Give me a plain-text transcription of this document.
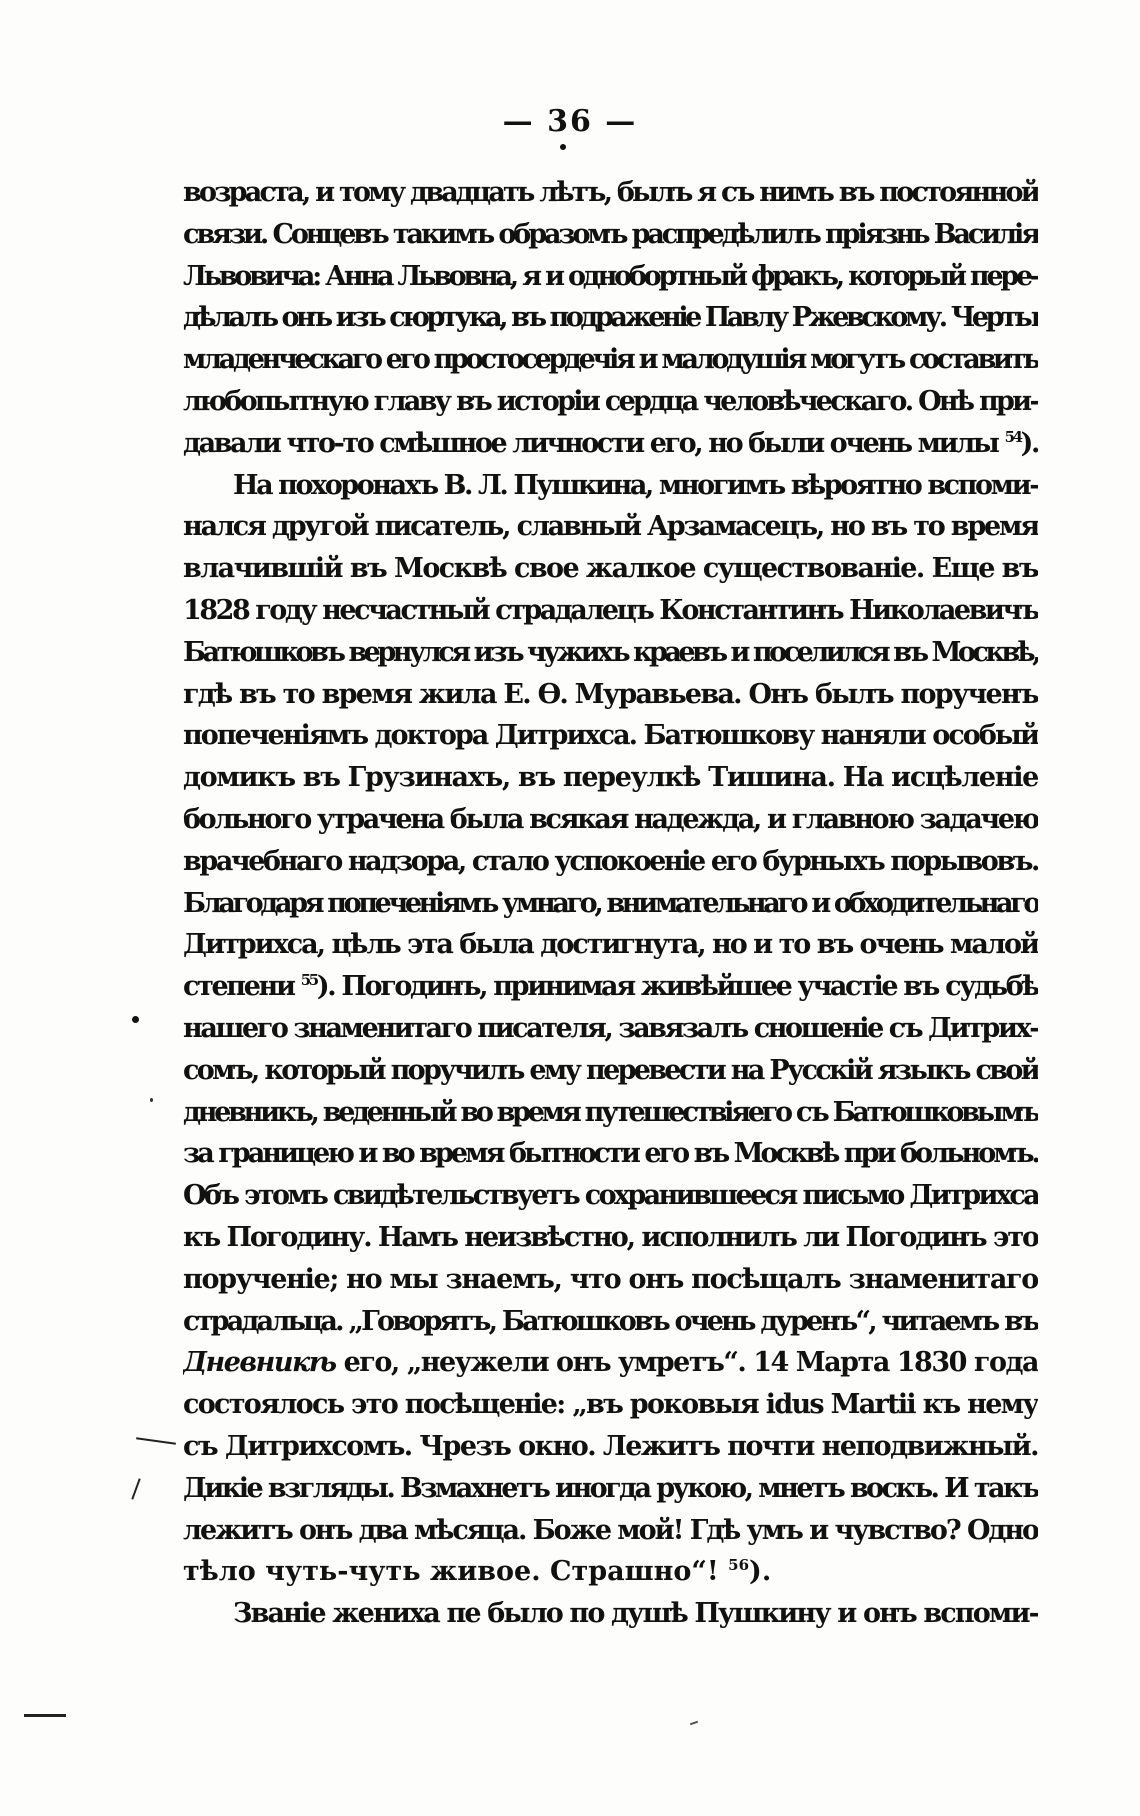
— 36 —
возраста, и тому двадцать лѣтъ, былъ я съ нимъ въ постоянной
связи. Сонцевъ такимъ образомъ распредѣлилъ пріязнь Василія
Львовича: Анна Львовна, я и однобортный фракъ, который пере-
дѣлалъ онъ изъ сюртука, въ подраженіе Павлу Ржевскому. Черты
младенческаго его простосердечія и малодушія могутъ составить
любопытную главу въ исторіи сердца человѣческаго. Онѣ при-
давали что-то смѣшное личности его, но были очень милы $^{54}$).
На похоронахъ В. Л. Пушкина, многимъ вѣроятно вспоми-
нался другой писатель, славный Арзамасецъ, но въ то время
влачившій въ Москвѣ свое жалкое существованіе. Еще въ
1828 году несчастный страдалецъ Константинъ Николаевичъ
Батюшковъ вернулся изъ чужихъ краевъ и поселился въ Москвѣ,
гдѣ въ то время жила Е. Ѳ. Муравьева. Онъ былъ порученъ
попеченіямъ доктора Дитрихса. Батюшкову наняли особый
домикъ въ Грузинахъ, въ переулкѣ Тишина. На исцѣленіе
больного утрачена была всякая надежда, и главною задачею
врачебнаго надзора, стало успокоеніе его бурныхъ порывовъ.
Благодаря попеченіямъ умнаго, внимательнаго и обходительнаго
Дитрихса, цѣль эта была достигнута, но и то въ очень малой
степени $^{55}$). Погодинъ, принимая живѣйшее участіе въ судьбѣ
нашего знаменитаго писателя, завязалъ сношеніе съ Дитрих-
сомъ, который поручилъ ему перевести на Русскій языкъ свой
дневникъ, веденный во время путешествіяего съ Батюшковымъ
за границею и во время бытности его въ Москвѣ при больномъ.
Объ этомъ свидѣтельствуетъ сохранившееся письмо Дитрихса
къ Погодину. Намъ неизвѣстно, исполнилъ ли Погодинъ это
порученіе; но мы знаемъ, что онъ посѣщалъ знаменитаго
страдальца. „Говорятъ, Батюшковъ очень дуренъ“, читаемъ въ
Дневникѣ его, „неужели онъ умретъ“. 14 Марта 1830 года
состоялось это посѣщеніе: „въ роковыя idus Martii къ нему
съ Дитрихсомъ. Чрезъ окно. Лежитъ почти неподвижный.
Дикіе взгляды. Взмахнетъ иногда рукою, мнетъ воскъ. И такъ
лежитъ онъ два мѣсяца. Боже мой! Гдѣ умъ и чувство? Одно
тѣло чуть-чуть живое. Страшно“! $^{56}$).
Званіе жениха пе было по душѣ Пушкину и онъ вспоми-
